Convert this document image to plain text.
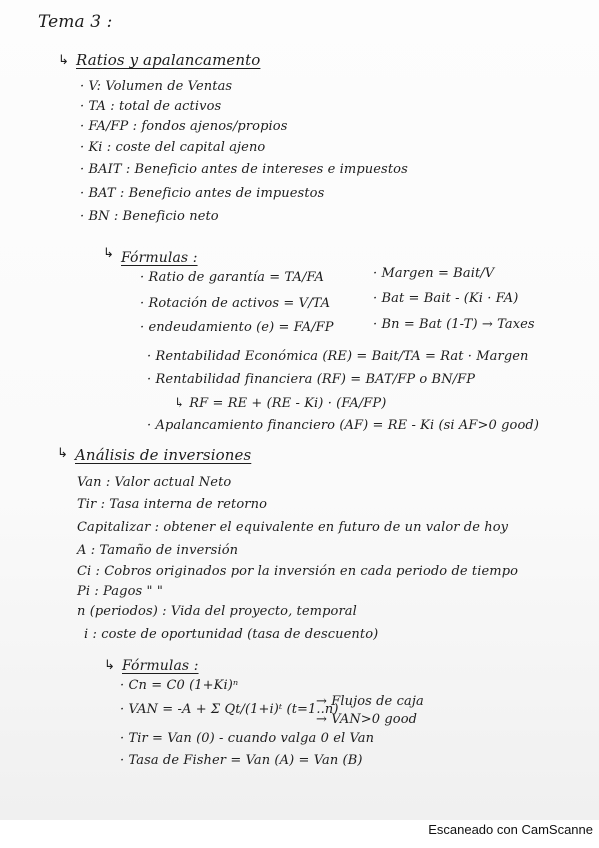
Tema 3 :
↳ Ratios y apalancamento
· V: Volumen de Ventas
· TA : total de activos
· FA/FP : fondos ajenos/propios
· Ki : coste del capital ajeno
· BAIT : Beneficio antes de intereses e impuestos
· BAT : Beneficio antes de impuestos
· BN : Beneficio neto
↳ Fórmulas :
· Ratio de garantía = TA/FA
· Rotación de activos = V/TA
· endeudamiento (e) = FA/FP
· Margen = Bait/V
· Bat = Bait - (Ki · FA)
· Bn = Bat (1-T) → Taxes
· Rentabilidad Económica (RE) = Bait/TA = Rat · Margen
· Rentabilidad financiera (RF) = BAT/FP o BN/FP
↳ RF = RE + (RE - Ki) · (FA/FP)
· Apalancamiento financiero (AF) = RE - Ki (si AF>0 good)
↳ Análisis de inversiones
Van : Valor actual Neto
Tir : Tasa interna de retorno
Capitalizar : obtener el equivalente en futuro de un valor de hoy
A : Tamaño de inversión
Ci : Cobros originados por la inversión en cada periodo de tiempo
Pi : Pagos " "
n (periodos) : Vida del proyecto, temporal
i : coste de oportunidad (tasa de descuento)
↳ Fórmulas :
· Cn = C0 (1+Ki)ⁿ
· VAN = -A + Σ Qt/(1+i)ᵗ (t=1..n)
· Tir = Van (0) - cuando valga 0 el Van
· Tasa de Fisher = Van (A) = Van (B)
→ Flujos de caja
→ VAN>0 good
Escaneado con CamScanne
